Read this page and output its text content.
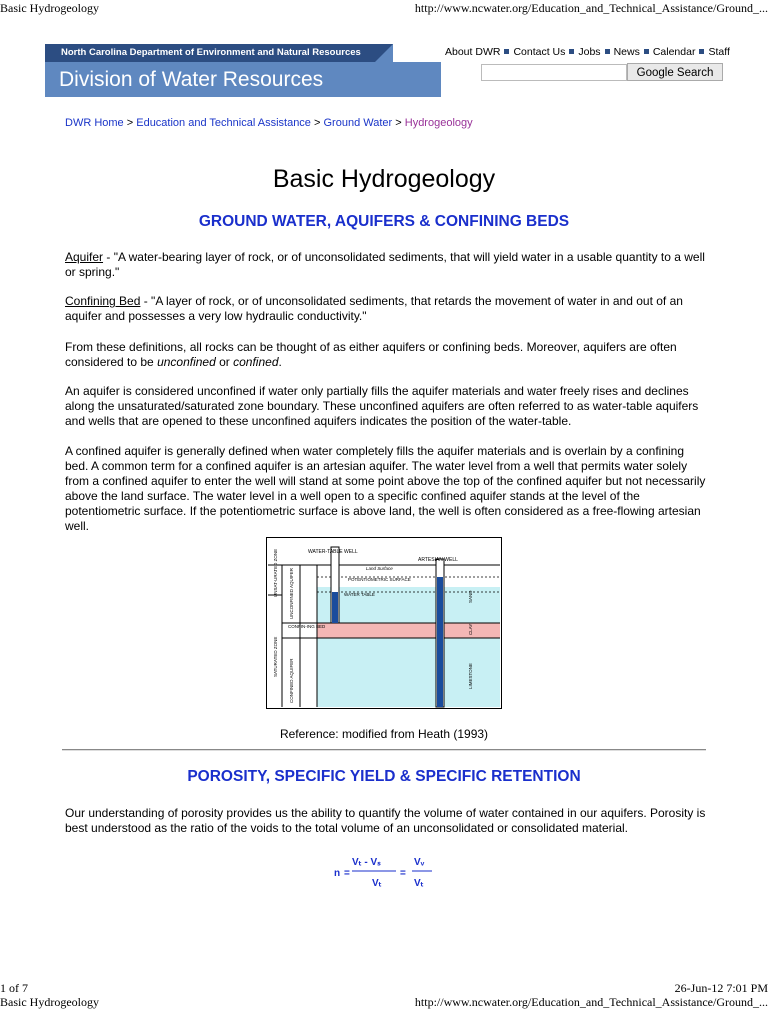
Basic Hydrogeology	http://www.ncwater.org/Education_and_Technical_Assistance/Ground_...
Division of Water Resources
North Carolina Department of Environment and Natural Resources	About DWR Contact Us Jobs News Calendar Staff
Google Search
DWR Home > Education and Technical Assistance > Ground Water > Hydrogeology
Basic Hydrogeology
GROUND WATER, AQUIFERS & CONFINING BEDS

Aquifer - "A water-bearing layer of rock, or of unconsolidated sediments, that will yield water in a usable quantity to a well or spring."

Confining Bed - "A layer of rock, or of unconsolidated sediments, that retards the movement of water in and out of an aquifer and possesses a very low hydraulic conductivity."

From these definitions, all rocks can be thought of as either aquifers or confining beds. Moreover, aquifers are often considered to be unconfined or confined.

An aquifer is considered unconfined if water only partially fills the aquifer materials and water freely rises and declines along the unsaturated/saturated zone boundary. These unconfined aquifers are often referred to as water-table aquifers and wells that are opened to these unconfined aquifers indicates the position of the water-table.

A confined aquifer is generally defined when water completely fills the aquifer materials and is overlain by a confining bed. A common term for a confined aquifer is an artesian aquifer. The water level from a well that permits water solely from a confined aquifer to enter the well will stand at some point above the top of the confined aquifer but not necessarily above the land surface. The water level in a well open to a specific confined aquifer stands at the level of the potentiometric surface. If the potentiometric surface is above land, the well is often considered as a free-flowing artesian well.

WATER-TABLE WELL
ARTESIAN WELL
Land Surface
POTENTIOMETRIC SURFACE
WATER TABLE
CONFIN-ING BED
UNSAT-URATED ZONE
SATURATED ZONE
UNCONFINED AQUIFER
CONFINED AQUIFER
SAND
CLAY
LIMESTONE
Reference: modified from Heath (1993)
POROSITY, SPECIFIC YIELD & SPECIFIC RETENTION

Our understanding of porosity provides us the ability to quantify the volume of water contained in our aquifers. Porosity is best understood as the ratio of the voids to the total volume of an unconsolidated or consolidated material.

n =
Vₜ - Vₛ
Vₜ
=
Vᵥ
Vₜ
1 of 7	26-Jun-12 7:01 PM
Basic Hydrogeology	http://www.ncwater.org/Education_and_Technical_Assistance/Ground_...
